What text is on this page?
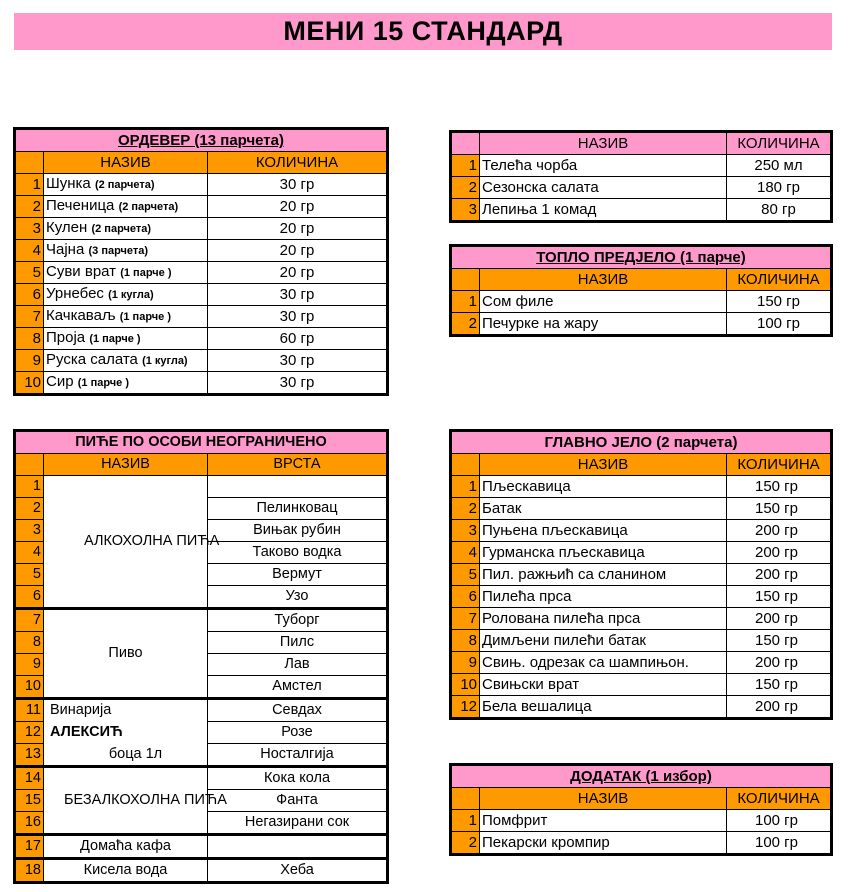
МЕНИ 15 СТАНДАРД
ОРДЕВЕР (13 парчета)		
	НАЗИВ	КОЛИЧИНА
1	Шунка (2 парчета)	30 гр
2	Печеница (2 парчета)	20 гр
3	Кулен (2 парчета)	20 гр
4	Чајна (3 парчета)	20 гр
5	Суви врат (1 парче )	20 гр
6	Урнебес (1 кугла)	30 гр
7	Качкаваљ (1 парче )	30 гр
8	Проја (1 парче )	60 гр
9	Руска салата (1 кугла)	30 гр
10	Сир (1 парче )	30 гр
	НАЗИВ	КОЛИЧИНА
1	Телећа чорба	250 мл
2	Сезонска салата	180 гр
3	Лепиња 1 комад	80 гр
ТОПЛО ПРЕДЈЕЛО (1 парче)		
	НАЗИВ	КОЛИЧИНА
1	Сом филе	150 гр
2	Печурке на жару	100 гр
ПИЋЕ ПО ОСОБИ НЕОГРАНИЧЕНО		
	НАЗИВ	ВРСТА
1	АЛКОХОЛНА ПИЋА	
2		Пелинковац
3		Вињак рубин
4		Таково водка
5		Вермут
6		Узо
7	Пиво	Туборг
8		Пилс
9		Лав
10		Амстел
11	Винарија	Севдах
12	АЛЕКСИЋ	Розе
13	боца 1л	Носталгија
14	БЕЗАЛКОХОЛНА ПИЋА	Кока кола
15		Фанта
16		Негазирани сок
17	Домаћа кафа	
18	Кисела вода	Хеба
ГЛАВНО ЈЕЛО (2 парчета)		
	НАЗИВ	КОЛИЧИНА
1	Пљескавица	150 гр
2	Батак	150 гр
3	Пуњена пљескавица	200 гр
4	Гурманска пљескавица	200 гр
5	Пил. ражњић са сланином	200 гр
6	Пилећа прса	150 гр
7	Ролована пилећа прса	200 гр
8	Димљени пилећи батак	150 гр
9	Свињ. одрезак са шампињон.	200 гр
10	Свињски врат	150 гр
12	Бела вешалица	200 гр
ДОДАТАК (1 избор)		
	НАЗИВ	КОЛИЧИНА
1	Помфрит	100 гр
2	Пекарски кромпир	100 гр
